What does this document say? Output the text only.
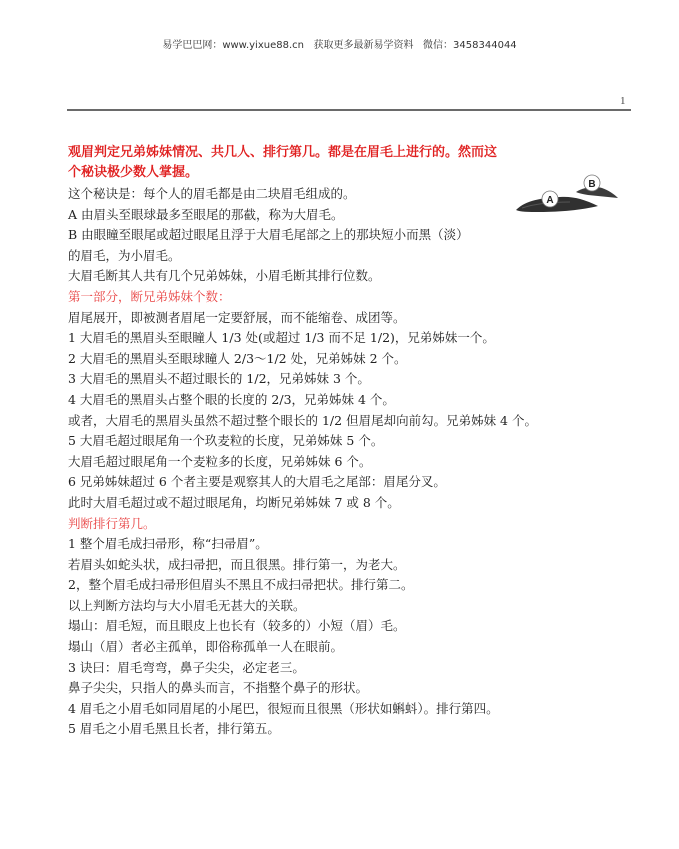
易学巴巴网：www.yixue88.cn   获取更多最新易学资料   微信：3458344044
1
A
B
观眉判定兄弟姊妹情况、共几人、排行第几。都是在眉毛上进行的。然而这个秘诀极少数人掌握。
这个秘诀是：每个人的眉毛都是由二块眉毛组成的。
A 由眉头至眼球最多至眼尾的那截，称为大眉毛。
B 由眼瞳至眼尾或超过眼尾且浮于大眉毛尾部之上的那块短小而黑（淡）
的眉毛，为小眉毛。
大眉毛断其人共有几个兄弟姊妹，小眉毛断其排行位数。
第一部分，断兄弟姊妹个数：
眉尾展开，即被测者眉尾一定要舒展，而不能缩卷、成团等。
1 大眉毛的黑眉头至眼瞳人 1/3 处(或超过 1/3 而不足 1/2)，兄弟姊妹一个。
2 大眉毛的黑眉头至眼球瞳人 2/3～1/2 处，兄弟姊妹 2 个。
3 大眉毛的黑眉头不超过眼长的 1/2，兄弟姊妹 3 个。
4 大眉毛的黑眉头占整个眼的长度的 2/3，兄弟姊妹 4 个。
或者，大眉毛的黑眉头虽然不超过整个眼长的 1/2 但眉尾却向前勾。兄弟姊妹 4 个。
5 大眉毛超过眼尾角一个玖麦粒的长度，兄弟姊妹 5 个。
大眉毛超过眼尾角一个麦粒多的长度，兄弟姊妹 6 个。
6 兄弟姊妹超过 6 个者主要是观察其人的大眉毛之尾部：眉尾分叉。
此时大眉毛超过或不超过眼尾角，均断兄弟姊妹 7 或 8 个。
判断排行第几。
1 整个眉毛成扫帚形，称“扫帚眉”。
若眉头如蛇头状，成扫帚把，而且很黑。排行第一，为老大。
2，整个眉毛成扫帚形但眉头不黑且不成扫帚把状。排行第二。
以上判断方法均与大小眉毛无甚大的关联。
塌山：眉毛短，而且眼皮上也长有（较多的）小短（眉）毛。
塌山（眉）者必主孤单，即俗称孤单一人在眼前。
3 诀曰：眉毛弯弯，鼻子尖尖，必定老三。
鼻子尖尖，只指人的鼻头而言，不指整个鼻子的形状。
4 眉毛之小眉毛如同眉尾的小尾巴，很短而且很黑（形状如蝌蚪）。排行第四。
5 眉毛之小眉毛黑且长者，排行第五。
